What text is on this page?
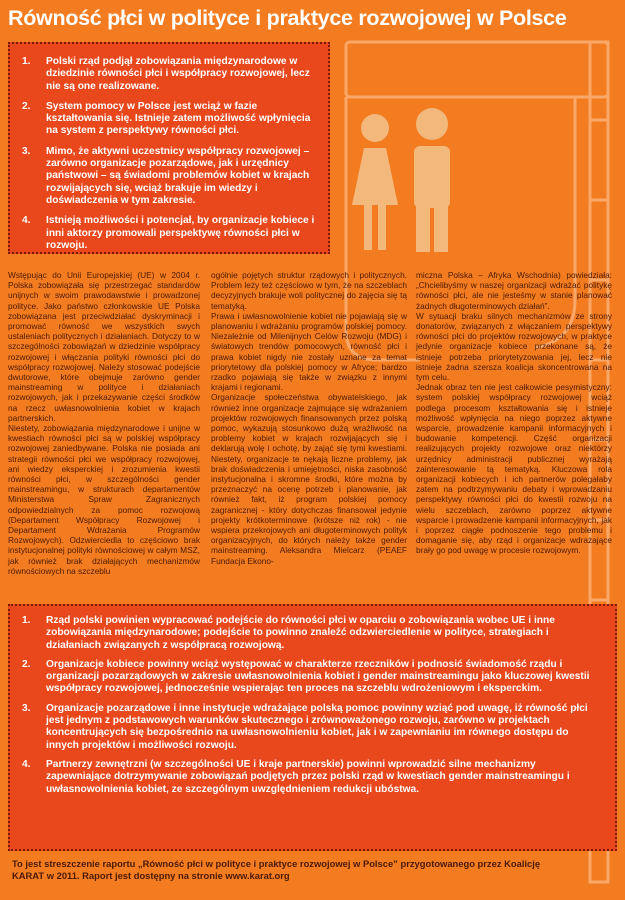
Równość płci w polityce i praktyce rozwojowej w Polsce
1. Polski rząd podjął zobowiązania międzynarodowe w dziedzinie równości płci i współpracy rozwojowej, lecz nie są one realizowane.
2. System pomocy w Polsce jest wciąż w fazie kształtowania się. Istnieje zatem możliwość wpłynięcia na system z perspektywy równości płci.
3. Mimo, że aktywni uczestnicy współpracy rozwojowej – zarówno organizacje pozarządowe, jak i urzędnicy państwowi – są świadomi problemów kobiet w krajach rozwijających się, wciąż brakuje im wiedzy i doświadczenia w tym zakresie.
4. Istnieją możliwości i potencjał, by organizacje kobiece i inni aktorzy promowali perspektywę równości płci w rozwoju.

Wstępując do Unii Europejskiej (UE) w 2004 r. Polska zobowiązała się przestrzegać standardów unijnych w swoim prawodawstwie i prowadzonej polityce. Jako państwo członkowskie UE Polska zobowiązana jest przeciwdziałać dyskryminacji i promować równość we wszystkich swych ustaleniach politycznych i działaniach. Dotyczy to w szczególności zobowiązań w dziedzinie współpracy rozwojowej i włączania polityki równości płci do współpracy rozwojowej. Należy stosować podejście dwutorowe, które obejmuje zarówno gender mainstreaming w polityce i działaniach rozwojowych, jak i przekazywanie części środków na rzecz uwłasnowolnienia kobiet w krajach partnerskich.

Niestety, zobowiązania międzynarodowe i unijne w kwestiach równości płci są w polskiej współpracy rozwojowej zaniedbywane. Polska nie posiada ani strategii równości płci we współpracy rozwojowej, ani wiedzy eksperckiej i zrozumienia kwestii równości płci, w szczególności gender mainstreamingu, w strukturach departamentów Ministerstwa Spraw Zagranicznych odpowiedzialnych za pomoc rozwojową (Departament Współpracy Rozwojowej i Departament Wdrażania Programów Rozwojowych). Odzwierciedla to częściowo brak instytucjonalnej polityki równościowej w całym MSZ, jak również brak działających mechanizmów równościowych na szczeblu

ogólnie pojętych struktur rządowych i politycznych. Problem leży też częściowo w tym, że na szczeblach decyzyjnych brakuje woli politycznej do zajęcia się tą tematyką.

Prawa i uwłasnowolnienie kobiet nie pojawiają się w planowaniu i wdrażaniu programów polskiej pomocy. Niezależnie od Milenijnych Celów Rozwoju (MDG) i światowych trendów pomocowych, równość płci i prawa kobiet nigdy nie zostały uznane za temat priorytetowy dla polskiej pomocy w Afryce; bardzo rzadko pojawiają się także w związku z innymi krajami i regionami.

Organizacje społeczeństwa obywatelskiego, jak również inne organizacje zajmujące się wdrażaniem projektów rozwojowych finansowanych przez polską pomoc, wykazują stosunkowo dużą wrażliwość na problemy kobiet w krajach rozwijających się i deklarują wolę i ochotę, by zająć się tymi kwestiami. Niestety, organizacje te nękają liczne problemy, jak brak doświadczenia i umiejętności, niska zasobność instytucjonalna i skromne środki, które można by przeznaczyć na ocenę potrzeb i planowanie, jak również fakt, iż program polskiej pomocy zagranicznej - który dotychczas finansował jedynie projekty krótkoterminowe (krótsze niż rok) - nie wspiera przekrojowych ani długoterminowych polityk organizacyjnych, do których należy także gender mainstreaming. Aleksandra Mielcarz (PEAEF Fundacja Ekono-

miczna Polska – Afryka Wschodnia) powiedziała: „Chcielibyśmy w naszej organizacji wdrażać politykę równości płci, ale nie jesteśmy w stanie planować żadnych długoterminowych działań”.

W sytuacji braku silnych mechanizmów ze strony donatorów, związanych z włączaniem perspektywy równości płci do projektów rozwojowych, w praktyce jedynie organizacje kobiece przekonane są, że istnieje potrzeba priorytetyzowania jej, lecz nie istnieje żadna szersza koalicja skoncentrowana na tym celu.

Jednak obraz ten nie jest całkowicie pesymistyczny: system polskiej współpracy rozwojowej wciąż podlega procesom kształtowania się i istnieje możliwość wpłynięcia na niego poprzez aktywne wsparcie, prowadzenie kampanii informacyjnych i budowanie kompetencji. Część organizacji realizujących projekty rozwojowe oraz niektórzy urzędnicy administracji publicznej wyrażają zainteresowanie tą tematyką. Kluczowa rola organizacji kobiecych i ich partnerów polegałaby zatem na podtrzymywaniu debaty i wprowadzaniu perspektywy równości płci do kwestii rozwoju na wielu szczeblach, zarówno poprzez aktywne wsparcie i prowadzenie kampanii informacyjnych, jak i poprzez ciągłe podnoszenie tego problemu i domaganie się, aby rząd i organizacje wdrażające brały go pod uwagę w procesie rozwojowym.

1. Rząd polski powinien wypracować podejście do równości płci w oparciu o zobowiązania wobec UE i inne zobowiązania międzynarodowe; podejście to powinno znaleźć odzwierciedlenie w polityce, strategiach i działaniach związanych z współpracą rozwojową.
2. Organizacje kobiece powinny wciąż występować w charakterze rzeczników i podnosić świadomość rządu i organizacji pozarządowych w zakresie uwłasnowolnienia kobiet i gender mainstreamingu jako kluczowej kwestii współpracy rozwojowej, jednocześnie wspierając ten proces na szczeblu wdrożeniowym i eksperckim.
3. Organizacje pozarządowe i inne instytucje wdrażające polską pomoc powinny wziąć pod uwagę, iż równość płci jest jednym z podstawowych warunków skutecznego i zrównoważonego rozwoju, zarówno w projektach koncentrujących się bezpośrednio na uwłasnowolnieniu kobiet, jak i w zapewnianiu im równego dostępu do innych projektów i możliwości rozwoju.
4. Partnerzy zewnętrzni (w szczególności UE i kraje partnerskie) powinni wprowadzić silne mechanizmy zapewniające dotrzymywanie zobowiązań podjętych przez polski rząd w kwestiach gender mainstreamingu i uwłasnowolnienia kobiet, ze szczególnym uwzględnieniem redukcji ubóstwa.
To jest streszczenie raportu „Równość płci w polityce i praktyce rozwojowej w Polsce” przygotowanego przez Koalicję KARAT w 2011. Raport jest dostępny na stronie www.karat.org
